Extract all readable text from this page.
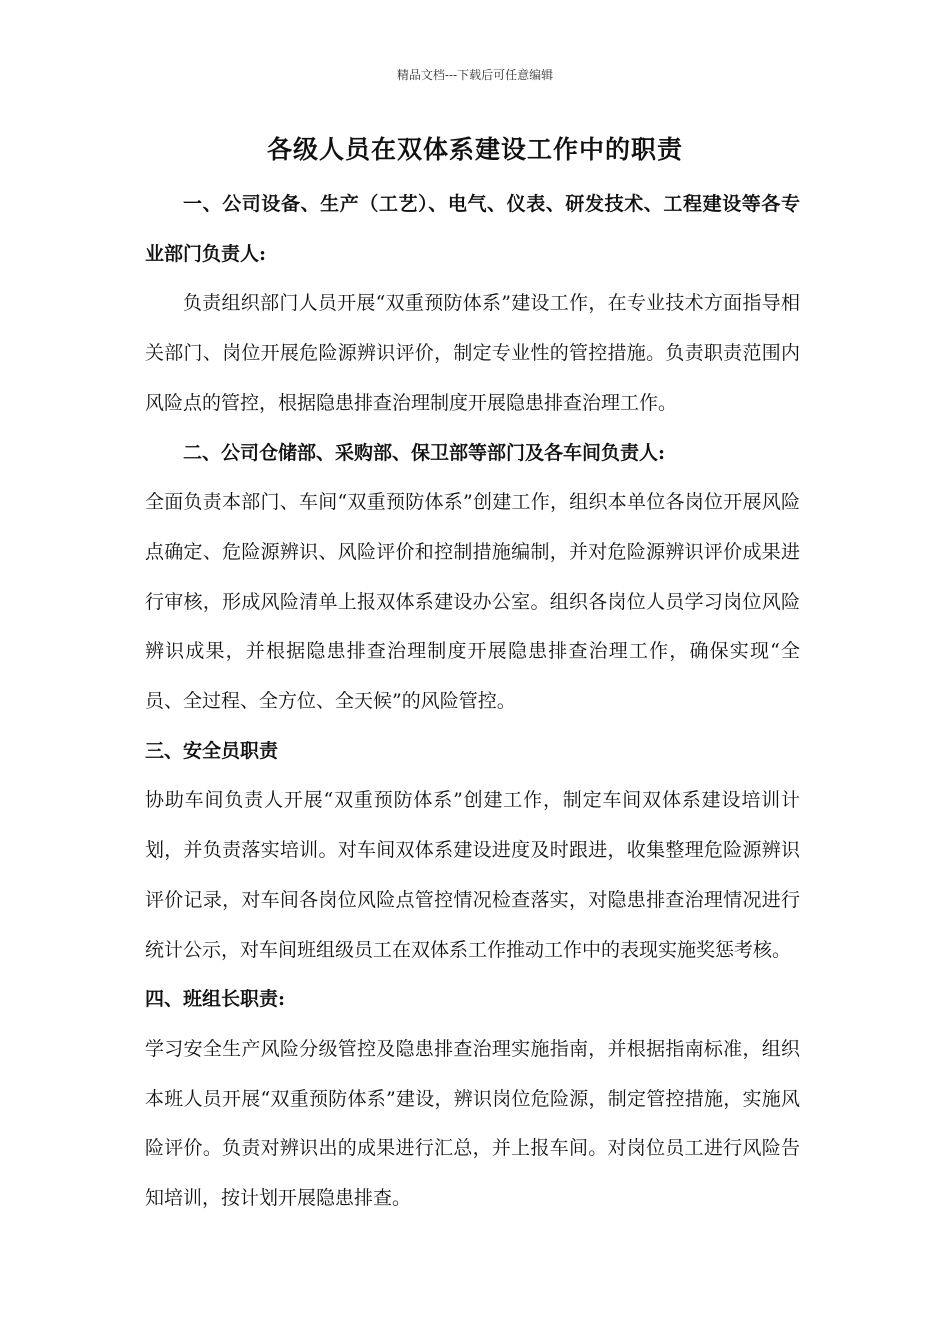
精品文档---下载后可任意编辑
各级人员在双体系建设工作中的职责

一、公司设备、生产（工艺）、电气、仪表、研发技术、工程建设等各专业部门负责人:

负责组织部门人员开展“双重预防体系”建设工作，在专业技术方面指导相关部门、岗位开展危险源辨识评价，制定专业性的管控措施。负责职责范围内风险点的管控，根据隐患排查治理制度开展隐患排查治理工作。

二、公司仓储部、采购部、保卫部等部门及各车间负责人:

全面负责本部门、车间“双重预防体系”创建工作，组织本单位各岗位开展风险点确定、危险源辨识、风险评价和控制措施编制，并对危险源辨识评价成果进行审核，形成风险清单上报双体系建设办公室。组织各岗位人员学习岗位风险辨识成果，并根据隐患排查治理制度开展隐患排查治理工作，确保实现“全员、全过程、全方位、全天候”的风险管控。

三、安全员职责

协助车间负责人开展“双重预防体系”创建工作，制定车间双体系建设培训计划，并负责落实培训。对车间双体系建设进度及时跟进，收集整理危险源辨识评价记录，对车间各岗位风险点管控情况检查落实，对隐患排查治理情况进行统计公示，对车间班组级员工在双体系工作推动工作中的表现实施奖惩考核。

四、班组长职责:

学习安全生产风险分级管控及隐患排查治理实施指南，并根据指南标准，组织本班人员开展“双重预防体系”建设，辨识岗位危险源，制定管控措施，实施风险评价。负责对辨识出的成果进行汇总，并上报车间。对岗位员工进行风险告知培训，按计划开展隐患排查。
